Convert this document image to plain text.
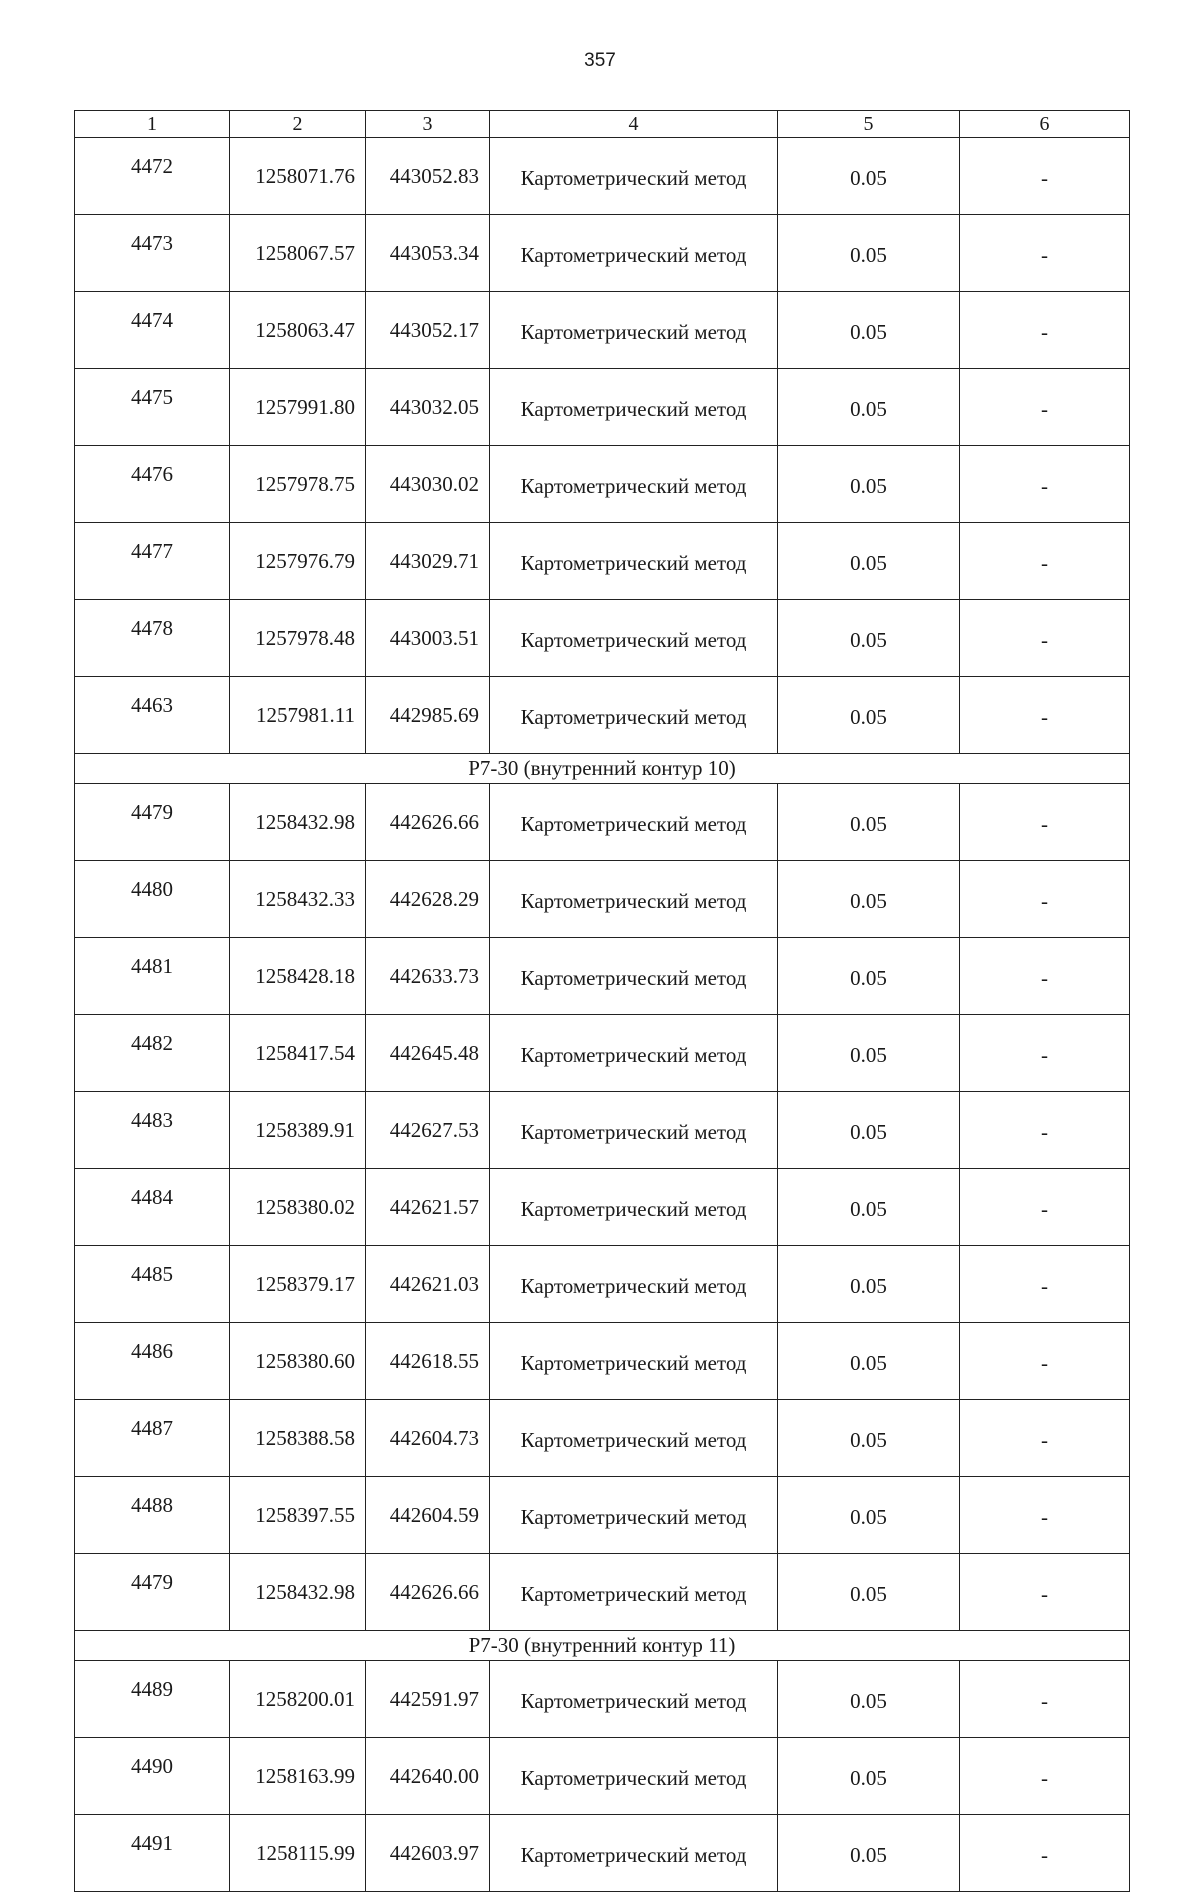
357
1	2	3	4	5	6
4472	1258071.76	443052.83	Картометрический метод	0.05	-
4473	1258067.57	443053.34	Картометрический метод	0.05	-
4474	1258063.47	443052.17	Картометрический метод	0.05	-
4475	1257991.80	443032.05	Картометрический метод	0.05	-
4476	1257978.75	443030.02	Картометрический метод	0.05	-
4477	1257976.79	443029.71	Картометрический метод	0.05	-
4478	1257978.48	443003.51	Картометрический метод	0.05	-
4463	1257981.11	442985.69	Картометрический метод	0.05	-
Р7-30 (внутренний контур 10)					
4479	1258432.98	442626.66	Картометрический метод	0.05	-
4480	1258432.33	442628.29	Картометрический метод	0.05	-
4481	1258428.18	442633.73	Картометрический метод	0.05	-
4482	1258417.54	442645.48	Картометрический метод	0.05	-
4483	1258389.91	442627.53	Картометрический метод	0.05	-
4484	1258380.02	442621.57	Картометрический метод	0.05	-
4485	1258379.17	442621.03	Картометрический метод	0.05	-
4486	1258380.60	442618.55	Картометрический метод	0.05	-
4487	1258388.58	442604.73	Картометрический метод	0.05	-
4488	1258397.55	442604.59	Картометрический метод	0.05	-
4479	1258432.98	442626.66	Картометрический метод	0.05	-
Р7-30 (внутренний контур 11)					
4489	1258200.01	442591.97	Картометрический метод	0.05	-
4490	1258163.99	442640.00	Картометрический метод	0.05	-
4491	1258115.99	442603.97	Картометрический метод	0.05	-
